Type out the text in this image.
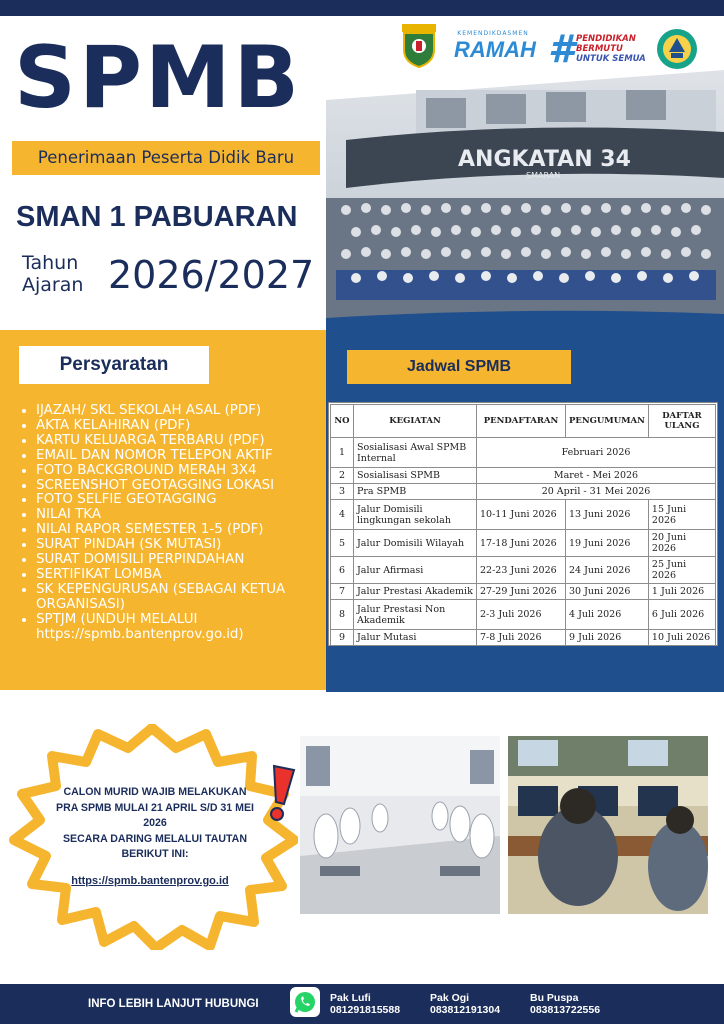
SPMB
Penerimaan Peserta Didik Baru
SMAN 1 PABUARAN
Tahun
Ajaran 2026/2027
KEMENDIKDASMEN
RAMAH # PENDIDIKAN
BERMUTU
UNTUK SEMUA
ANGKATAN 34
SMARAN
Persyaratan
• IJAZAH/ SKL SEKOLAH ASAL (PDF)
• AKTA KELAHIRAN (PDF)
• KARTU KELUARGA TERBARU (PDF)
• EMAIL DAN NOMOR TELEPON AKTIF
• FOTO BACKGROUND MERAH 3X4
• SCREENSHOT GEOTAGGING LOKASI
• FOTO SELFIE GEOTAGGING
• NILAI TKA
• NILAI RAPOR SEMESTER 1-5 (PDF)
• SURAT PINDAH (SK MUTASI)
• SURAT DOMISILI PERPINDAHAN
• SERTIFIKAT LOMBA
• SK KEPENGURUSAN (SEBAGAI KETUA ORGANISASI)
• SPTJM (UNDUH MELALUI https://spmb.bantenprov.go.id)
Jadwal SPMB
NO	KEGIATAN	PENDAFTARAN	PENGUMUMAN	DAFTAR ULANG
1	Sosialisasi Awal SPMB Internal	Februari 2026		
2	Sosialisasi SPMB	Maret - Mei 2026		
3	Pra SPMB	20 April - 31 Mei 2026		
4	Jalur Domisili lingkungan sekolah	10-11 Juni 2026	13 Juni 2026	15 Juni 2026
5	Jalur Domisili Wilayah	17-18 Juni 2026	19 Juni 2026	20 Juni 2026
6	Jalur Afirmasi	22-23 Juni 2026	24 Juni 2026	25 Juni 2026
7	Jalur Prestasi Akademik	27-29 Juni 2026	30 Juni 2026	1 Juli 2026
8	Jalur Prestasi Non Akademik	2-3 Juli 2026	4 Juli 2026	6 Juli 2026
9	Jalur Mutasi	7-8 Juli 2026	9 Juli 2026	10 Juli 2026
CALON MURID WAJIB MELAKUKAN
PRA SPMB MULAI 21 APRIL S/D 31 MEI
2026
SECARA DARING MELALUI TAUTAN
BERIKUT INI:
https://spmb.bantenprov.go.id
INFO LEBIH LANJUT HUBUNGI	Pak Lufi
081291815588
Pak Ogi
083812191304
Bu Puspa
083813722556
